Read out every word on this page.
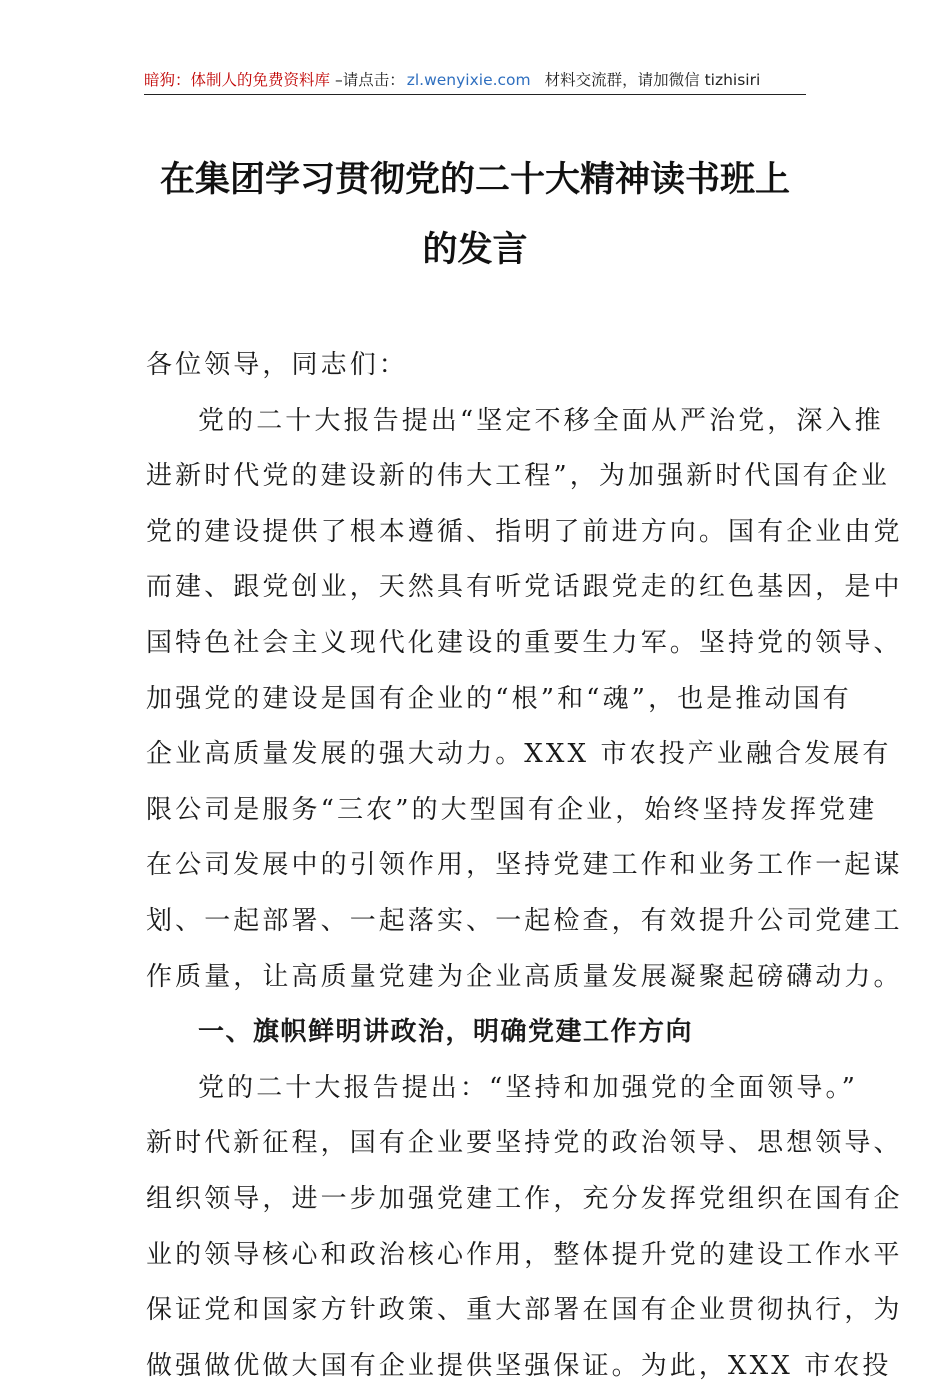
暗狗：体制人的免费资料库 –请点击： zl.wenyixie.com 材料交流群，请加微信 tizhisiri
在集团学习贯彻党的二十大精神读书班上
的发言
各位领导，同志们：
党的二十大报告提出“坚定不移全面从严治党，深入推
进新时代党的建设新的伟大工程”，为加强新时代国有企业
党的建设提供了根本遵循、指明了前进方向。国有企业由党
而建、跟党创业，天然具有听党话跟党走的红色基因，是中
国特色社会主义现代化建设的重要生力军。坚持党的领导、
加强党的建设是国有企业的“根”和“魂”，也是推动国有
企业高质量发展的强大动力。XXX 市农投产业融合发展有
限公司是服务“三农”的大型国有企业，始终坚持发挥党建
在公司发展中的引领作用，坚持党建工作和业务工作一起谋
划、一起部署、一起落实、一起检查，有效提升公司党建工
作质量，让高质量党建为企业高质量发展凝聚起磅礴动力。
一、旗帜鲜明讲政治，明确党建工作方向
党的二十大报告提出：“坚持和加强党的全面领导。”
新时代新征程，国有企业要坚持党的政治领导、思想领导、
组织领导，进一步加强党建工作，充分发挥党组织在国有企
业的领导核心和政治核心作用，整体提升党的建设工作水平
保证党和国家方针政策、重大部署在国有企业贯彻执行，为
做强做优做大国有企业提供坚强保证。为此，XXX 市农投
